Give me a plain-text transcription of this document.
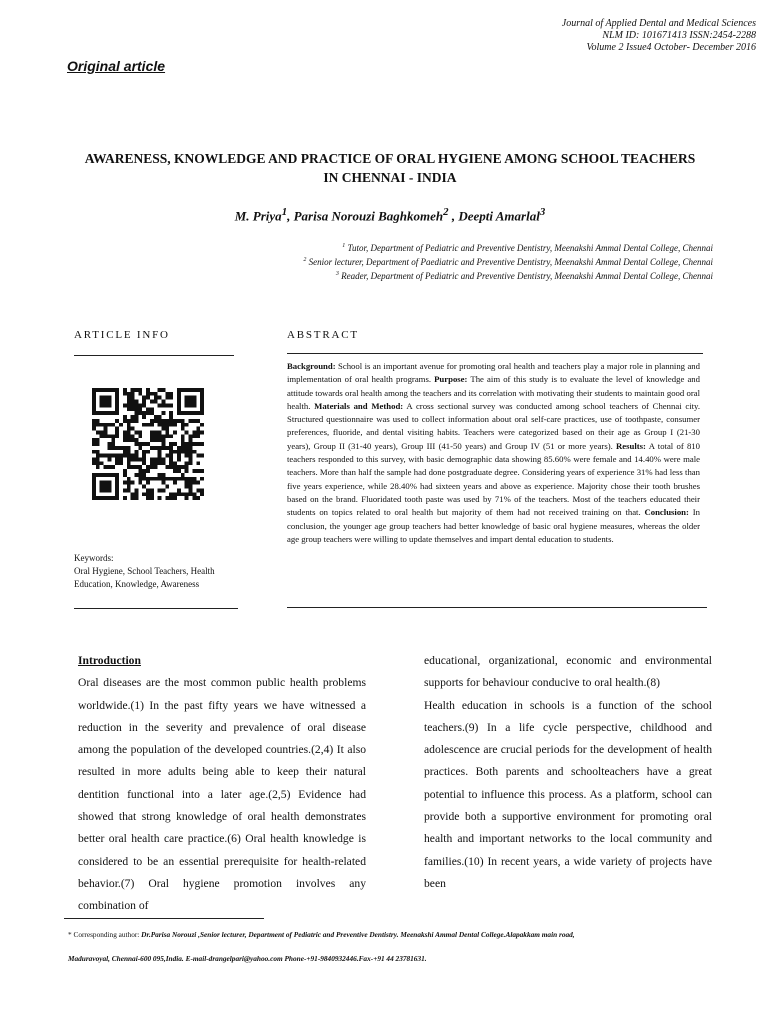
Journal of Applied Dental and Medical Sciences
NLM ID: 101671413 ISSN:2454-2288
Volume 2 Issue4 October- December 2016
Original article
AWARENESS, KNOWLEDGE AND PRACTICE OF ORAL HYGIENE AMONG SCHOOL TEACHERS
IN CHENNAI - INDIA
M. Priya$^1$, Parisa Norouzi Baghkomeh$^2$ , Deepti Amarlal$^3$
$^1$ Tutor, Department of Pediatric and Preventive Dentistry, Meenakshi Ammal Dental College, Chennai
$^2$ Senior lecturer, Department of Paediatric and Preventive Dentistry, Meenakshi Ammal Dental College, Chennai
$^3$ Reader, Department of Pediatric and Preventive Dentistry, Meenakshi Ammal Dental College, Chennai
ARTICLE INFO	ABSTRACT
Keywords:
Oral Hygiene, School Teachers, Health Education, Knowledge, Awareness
Background: School is an important avenue for promoting oral health and teachers play a major role in planning and implementation of oral health programs. Purpose: The aim of this study is to evaluate the level of knowledge and attitude towards oral health among the teachers and its correlation with motivating their students to maintain good oral health. Materials and Method: A cross sectional survey was conducted among school teachers of Chennai city. Structured questionnaire was used to collect information about oral self-care practices, use of toothpaste, consumer preferences, fluoride, and dental visiting habits. Teachers were categorized based on their age as Group I (21-30 years), Group II (31-40 years), Group III (41-50 years) and Group IV (51 or more years). Results: A total of 810 teachers responded to this survey, with basic demographic data showing 85.60% were female and 14.40% were male teachers. More than half the sample had done postgraduate degree. Considering years of experience 31% had less than five years experience, while 28.40% had sixteen years and above as experience. Majority chose their tooth brushes based on the brand. Fluoridated tooth paste was used by 71% of the teachers. Most of the teachers educated their students on topics related to oral health but majority of them had not received training on that. Conclusion: In conclusion, the younger age group teachers had better knowledge of basic oral hygiene measures, whereas the older age group teachers were willing to update themselves and impart dental education to students.

Introduction

Oral diseases are the most common public health problems worldwide.(1) In the past fifty years we have witnessed a reduction in the severity and prevalence of oral disease among the population of the developed countries.(2,4) It also resulted in more adults being able to keep their natural dentition functional into a later age.(2,5) Evidence had showed that strong knowledge of oral health demonstrates better oral health care practice.(6) Oral health knowledge is considered to be an essential prerequisite for health-related behavior.(7) Oral hygiene promotion involves any combination of

educational, organizational, economic and environmental supports for behaviour conducive to oral health.(8)

Health education in schools is a function of the school teachers.(9) In a life cycle perspective, childhood and adolescence are crucial periods for the development of health practices. Both parents and schoolteachers have a great potential to influence this process. As a platform, school can provide both a supportive environment for promoting oral health and important networks to the local community and families.(10) In recent years, a wide variety of projects have been

* Corresponding author: Dr.Parisa Norouzi ,Senior lecturer, Department of Pediatric and Preventive Dentistry. Meenakshi Ammal Dental College.Alapakkam main road,
Maduravoyal, Chennai-600 095,India. E-mail-drangelpari@yahoo.com Phone-+91-9840932446.Fax-+91 44 23781631.
